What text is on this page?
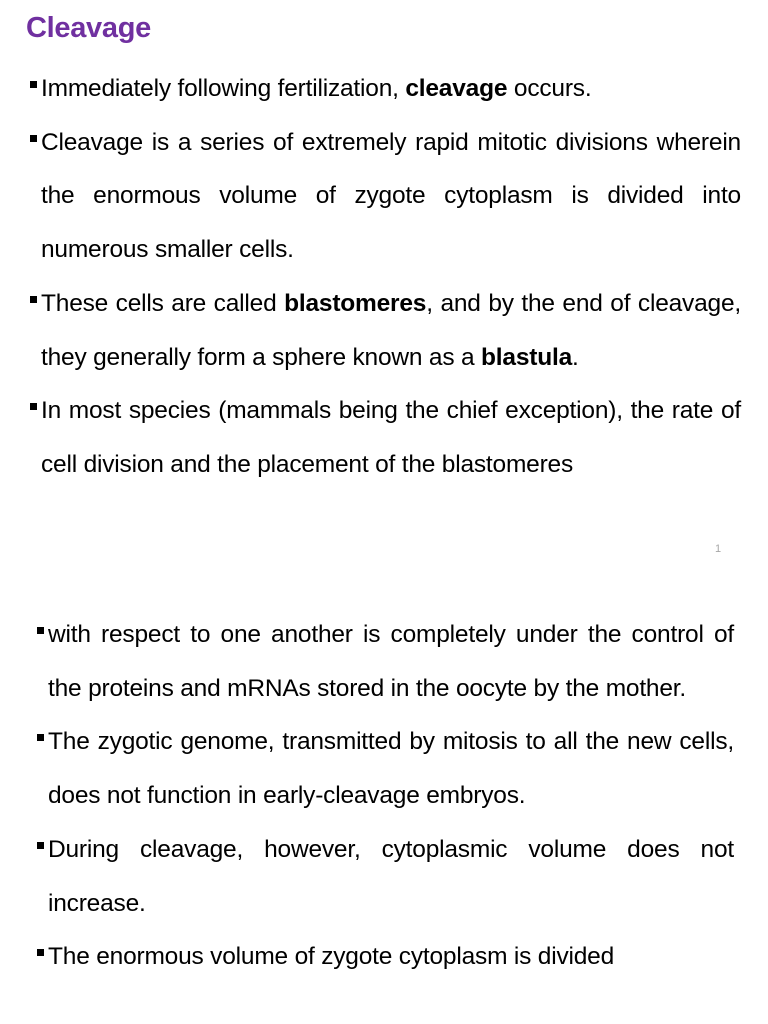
Cleavage
Immediately following fertilization, cleavage occurs.
Cleavage is a series of extremely rapid mitotic divisions wherein the enormous volume of zygote cytoplasm is divided into numerous smaller cells.
These cells are called blastomeres, and by the end of cleavage, they generally form a sphere known as a blastula.
In most species (mammals being the chief exception), the rate of cell division and the placement of the blastomeres
1
with respect to one another is completely under the control of the proteins and mRNAs stored in the oocyte by the mother.
The zygotic genome, transmitted by mitosis to all the new cells, does not function in early-cleavage embryos.
During cleavage, however, cytoplasmic volume does not increase.
The enormous volume of zygote cytoplasm is divided
